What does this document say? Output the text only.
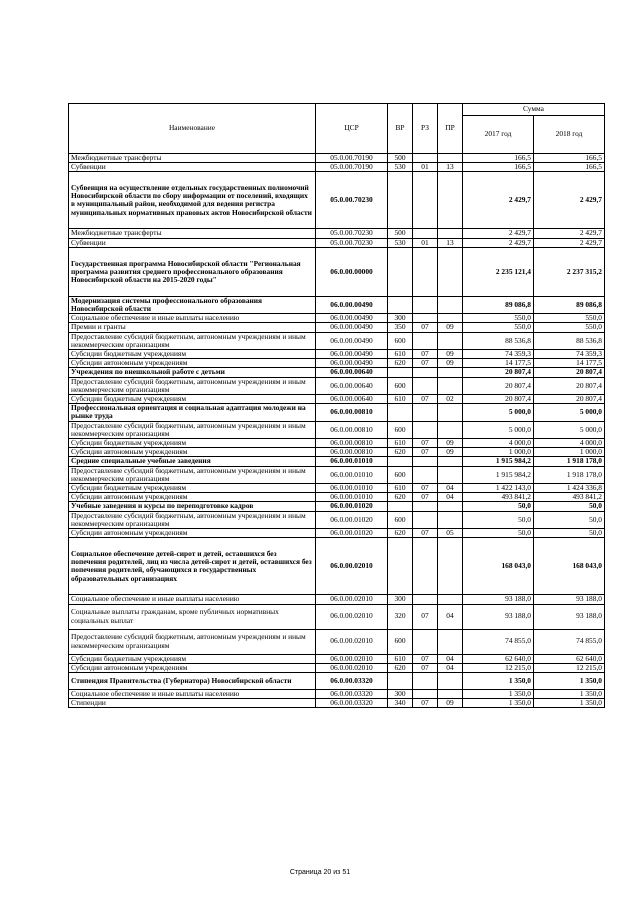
Наименование	ЦСР	ВР	РЗ	ПР	Сумма	
					2017 год	2018 год
Межбюджетные трансферты	05.0.00.70190	500			166,5	166,5
Субвенции	05.0.00.70190	530	01	13	166,5	166,5
Субвенция на осуществление отдельных государственных полномочий Новосибирской области по сбору информации от поселений, входящих в муниципальный район, необходимой для ведения регистра муниципальных нормативных правовых актов Новосибирской области	05.0.00.70230				2 429,7	2 429,7
Межбюджетные трансферты	05.0.00.70230	500			2 429,7	2 429,7
Субвенции	05.0.00.70230	530	01	13	2 429,7	2 429,7
Государственная программа Новосибирской области "Региональная программа развития среднего профессионального образования Новосибирской области на 2015-2020 годы"	06.0.00.00000				2 235 121,4	2 237 315,2
Модернизация системы профессионального образования Новосибирской области	06.0.00.00490				89 086,8	89 086,8
Социальное обеспечение и иные выплаты населению	06.0.00.00490	300			550,0	550,0
Премии и гранты	06.0.00.00490	350	07	09	550,0	550,0
Предоставление субсидий бюджетным, автономным учреждениям и иным некоммерческим организациям	06.0.00.00490	600			88 536,8	88 536,8
Субсидии бюджетным учреждениям	06.0.00.00490	610	07	09	74 359,3	74 359,3
Субсидии автономным учреждениям	06.0.00.00490	620	07	09	14 177,5	14 177,5
Учреждения по внешкольной работе с детьми	06.0.00.00640				20 807,4	20 807,4
Предоставление субсидий бюджетным, автономным учреждениям и иным некоммерческим организациям	06.0.00.00640	600			20 807,4	20 807,4
Субсидии бюджетным учреждениям	06.0.00.00640	610	07	02	20 807,4	20 807,4
Профессиональная ориентация и социальная адаптация молодежи на рынке труда	06.0.00.00810				5 000,0	5 000,0
Предоставление субсидий бюджетным, автономным учреждениям и иным некоммерческим организациям	06.0.00.00810	600			5 000,0	5 000,0
Субсидии бюджетным учреждениям	06.0.00.00810	610	07	09	4 000,0	4 000,0
Субсидии автономным учреждениям	06.0.00.00810	620	07	09	1 000,0	1 000,0
Средние специальные учебные заведения	06.0.00.01010				1 915 984,2	1 918 178,0
Предоставление субсидий бюджетным, автономным учреждениям и иным некоммерческим организациям	06.0.00.01010	600			1 915 984,2	1 918 178,0
Субсидии бюджетным учреждениям	06.0.00.01010	610	07	04	1 422 143,0	1 424 336,8
Субсидии автономным учреждениям	06.0.00.01010	620	07	04	493 841,2	493 841,2
Учебные заведения и курсы по переподготовке кадров	06.0.00.01020				50,0	50,0
Предоставление субсидий бюджетным, автономным учреждениям и иным некоммерческим организациям	06.0.00.01020	600			50,0	50,0
Субсидии автономным учреждениям	06.0.00.01020	620	07	05	50,0	50,0
Социальное обеспечение детей-сирот и детей, оставшихся без попечения родителей, лиц из числа детей-сирот и детей, оставшихся без попечения родителей, обучающихся в государственных образовательных организациях	06.0.00.02010				168 043,0	168 043,0
Социальное обеспечение и иные выплаты населению	06.0.00.02010	300			93 188,0	93 188,0
Социальные выплаты гражданам, кроме публичных нормативных социальных выплат	06.0.00.02010	320	07	04	93 188,0	93 188,0
Предоставление субсидий бюджетным, автономным учреждениям и иным некоммерческим организациям	06.0.00.02010	600			74 855,0	74 855,0
Субсидии бюджетным учреждениям	06.0.00.02010	610	07	04	62 640,0	62 640,0
Субсидии автономным учреждениям	06.0.00.02010	620	07	04	12 215,0	12 215,0
Стипендия Правительства (Губернатора) Новосибирской области	06.0.00.03320				1 350,0	1 350,0
Социальное обеспечение и иные выплаты населению	06.0.00.03320	300			1 350,0	1 350,0
Стипендии	06.0.00.03320	340	07	09	1 350,0	1 350,0
Страница 20 из 51
